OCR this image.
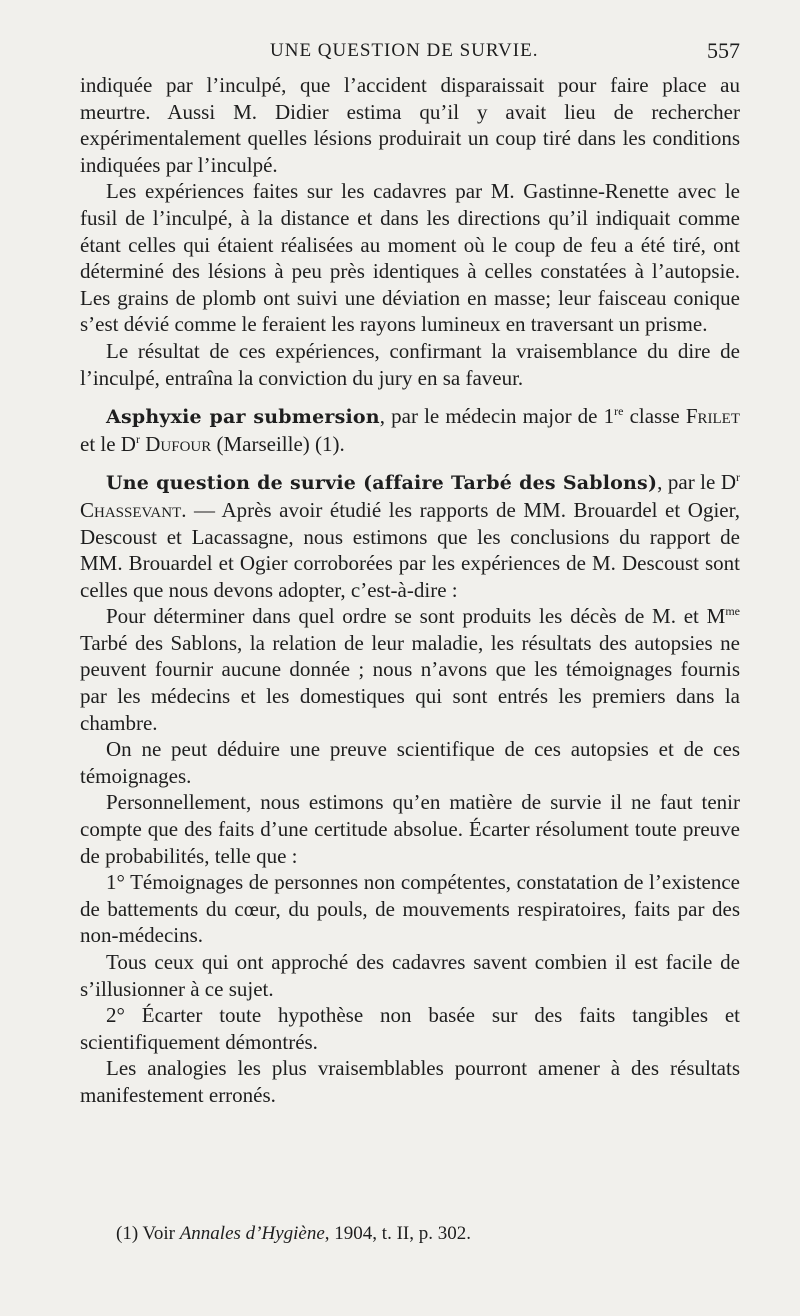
UNE QUESTION DE SURVIE.	557

indiquée par l’inculpé, que l’accident disparaissait pour faire place au meurtre. Aussi M. Didier estima qu’il y avait lieu de rechercher expérimentalement quelles lésions produirait un coup tiré dans les conditions indiquées par l’inculpé.

Les expériences faites sur les cadavres par M. Gastinne-Renette avec le fusil de l’inculpé, à la distance et dans les directions qu’il indiquait comme étant celles qui étaient réalisées au moment où le coup de feu a été tiré, ont déterminé des lésions à peu près identiques à celles constatées à l’autopsie. Les grains de plomb ont suivi une déviation en masse; leur faisceau conique s’est dévié comme le feraient les rayons lumineux en traversant un prisme.

Le résultat de ces expériences, confirmant la vraisemblance du dire de l’inculpé, entraîna la conviction du jury en sa faveur.

Asphyxie par submersion, par le médecin major de 1re classe Frilet et le $D^r$ Dufour (Marseille) (1).

Une question de survie (affaire Tarbé des Sablons), par le $D^r$ Chassevant. — Après avoir étudié les rapports de MM. Brouardel et Ogier, Descoust et Lacassagne, nous estimons que les conclusions du rapport de MM. Brouardel et Ogier corroborées par les expériences de M. Descoust sont celles que nous devons adopter, c’est-à-dire :

Pour déterminer dans quel ordre se sont produits les décès de M. et $M^{me}$ Tarbé des Sablons, la relation de leur maladie, les résultats des autopsies ne peuvent fournir aucune donnée ; nous n’avons que les témoignages fournis par les médecins et les domestiques qui sont entrés les premiers dans la chambre.

On ne peut déduire une preuve scientifique de ces autopsies et de ces témoignages.

Personnellement, nous estimons qu’en matière de survie il ne faut tenir compte que des faits d’une certitude absolue. Écarter résolument toute preuve de probabilités, telle que :

1° Témoignages de personnes non compétentes, constatation de l’existence de battements du cœur, du pouls, de mouvements respiratoires, faits par des non-médecins.

Tous ceux qui ont approché des cadavres savent combien il est facile de s’illusionner à ce sujet.

2° Écarter toute hypothèse non basée sur des faits tangibles et scientifiquement démontrés.

Les analogies les plus vraisemblables pourront amener à des résultats manifestement erronés.

(1) Voir Annales d’Hygiène, 1904, t. II, p. 302.
